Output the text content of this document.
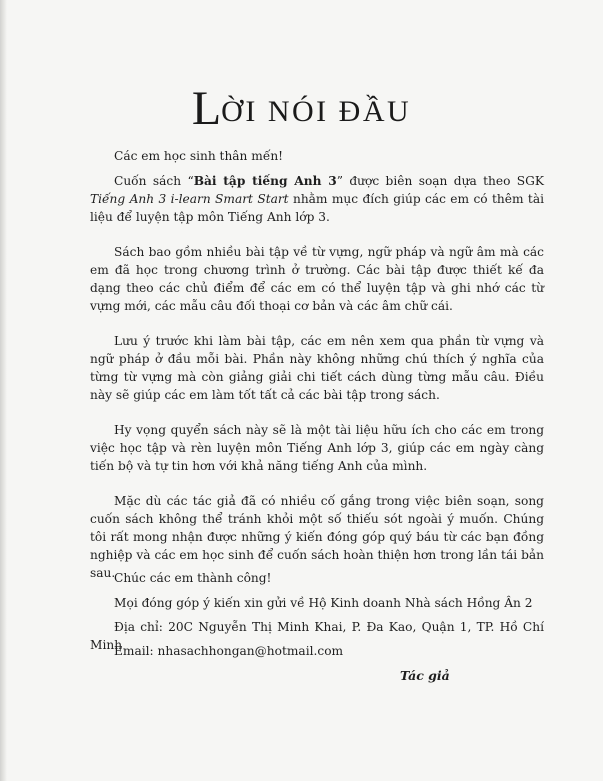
LỜI NÓI ĐẦU

Các em học sinh thân mến!

Cuốn sách “Bài tập tiếng Anh 3” được biên soạn dựa theo SGK Tiếng Anh 3 i-learn Smart Start nhằm mục đích giúp các em có thêm tài liệu để luyện tập môn Tiếng Anh lớp 3.

Sách bao gồm nhiều bài tập về từ vựng, ngữ pháp và ngữ âm mà các em đã học trong chương trình ở trường. Các bài tập được thiết kế đa dạng theo các chủ điểm để các em có thể luyện tập và ghi nhớ các từ vựng mới, các mẫu câu đối thoại cơ bản và các âm chữ cái.

Lưu ý trước khi làm bài tập, các em nên xem qua phần từ vựng và ngữ pháp ở đầu mỗi bài. Phần này không những chú thích ý nghĩa của từng từ vựng mà còn giảng giải chi tiết cách dùng từng mẫu câu. Điều này sẽ giúp các em làm tốt tất cả các bài tập trong sách.

Hy vọng quyển sách này sẽ là một tài liệu hữu ích cho các em trong việc học tập và rèn luyện môn Tiếng Anh lớp 3, giúp các em ngày càng tiến bộ và tự tin hơn với khả năng tiếng Anh của mình.

Mặc dù các tác giả đã có nhiều cố gắng trong việc biên soạn, song cuốn sách không thể tránh khỏi một số thiếu sót ngoài ý muốn. Chúng tôi rất mong nhận được những ý kiến đóng góp quý báu từ các bạn đồng nghiệp và các em học sinh để cuốn sách hoàn thiện hơn trong lần tái bản sau.

Chúc các em thành công!

Mọi đóng góp ý kiến xin gửi về Hộ Kinh doanh Nhà sách Hồng Ân 2

Địa chỉ: 20C Nguyễn Thị Minh Khai, P. Đa Kao, Quận 1, TP. Hồ Chí Minh

Email: nhasachhongan@hotmail.com

Tác giả
